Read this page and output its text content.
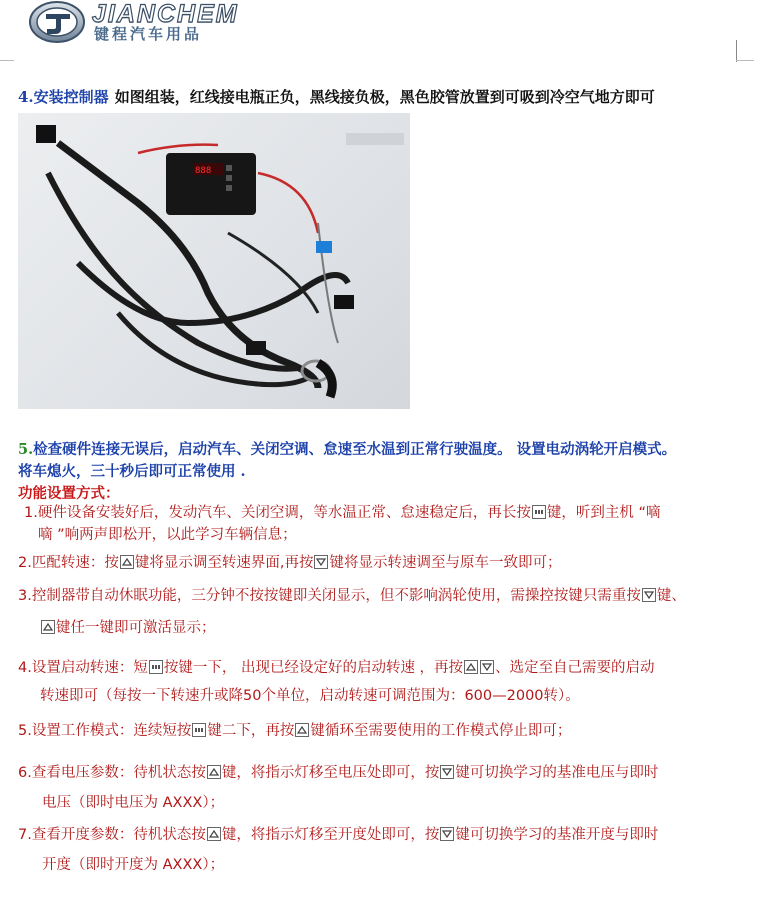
JIANCHEM
键程汽车用品
4.安装控制器 如图组装，红线接电瓶正负，黑线接负极，黑色胶管放置到可吸到冷空气地方即可
888
5.检查硬件连接无误后，启动汽车、关闭空调、怠速至水温到正常行驶温度。 设置电动涡轮开启模式。
将车熄火，三十秒后即可正常使用 .
功能设置方式：
1.硬件设备安装好后，发动汽车、关闭空调，等水温正常、怠速稳定后，再长按 键，听到主机 “嘀
嘀 ”响两声即松开，以此学习车辆信息；
2.匹配转速：按 键将显示调至转速界面,再按 键将显示转速调至与原车一致即可；
3.控制器带自动休眠功能，三分钟不按按键即关闭显示，但不影响涡轮使用，需操控按键只需重按 键、
键任一键即可激活显示；
4.设置启动转速：短 按键一下， 出现已经设定好的启动转速 ，再按 、选定至自己需要的启动
转速即可（每按一下转速升或降50个单位，启动转速可调范围为：600—2000转）。
5.设置工作模式：连续短按 键二下，再按 键循环至需要使用的工作模式停止即可；
6.查看电压参数：待机状态按 键，将指示灯移至电压处即可，按 键可切换学习的基准电压与即时
电压（即时电压为 AXXX）；
7.查看开度参数：待机状态按 键，将指示灯移至开度处即可，按 键可切换学习的基准开度与即时
开度（即时开度为 AXXX）；
